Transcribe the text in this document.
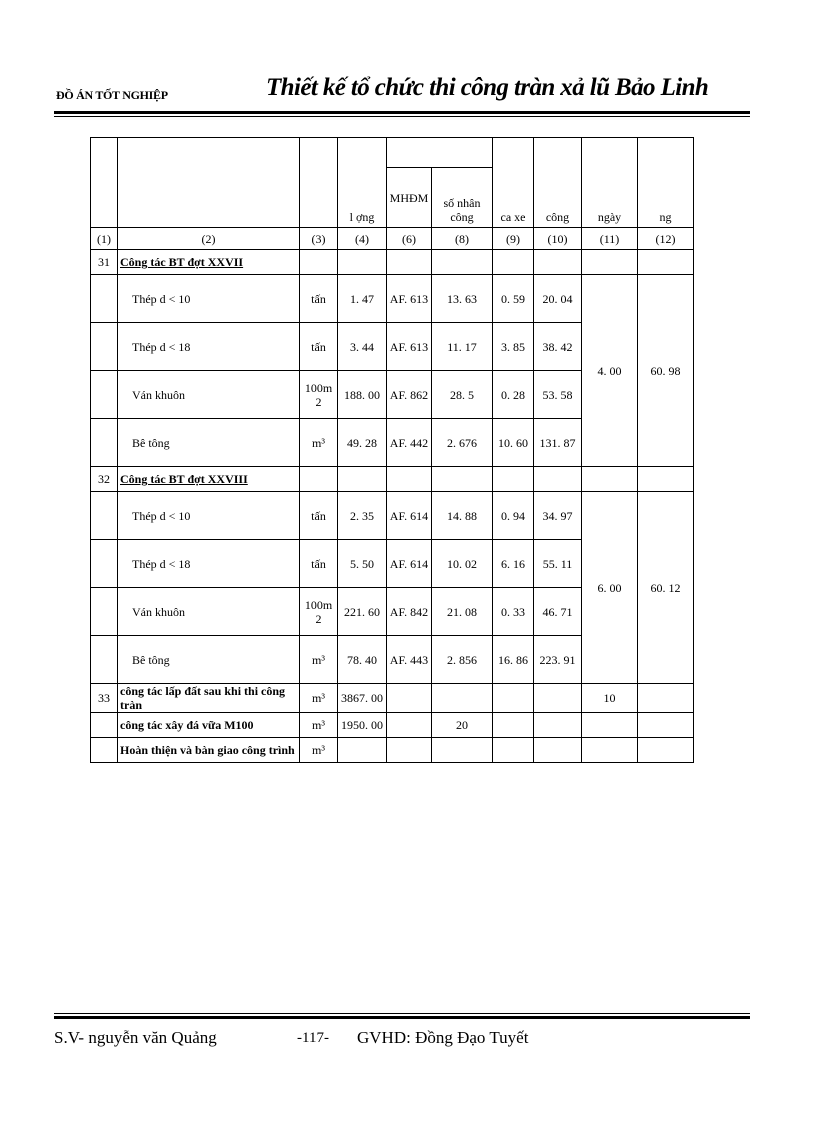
ĐỒ ÁN TỐT NGHIỆP	Thiết kế tổ chức thi công tràn xả lũ Bảo Linh
			l ợng			ca xe	công	ngày	ng
				MHĐM	số nhân công				
(1)	(2)	(3)	(4)	(6)	(8)	(9)	(10)	(11)	(12)
31	Công tác BT đợt XXVII								
	Thép d < 10	tấn	1. 47	AF. 613	13. 63	0. 59	20. 04	4. 00	60. 98
	Thép d < 18	tấn	3. 44	AF. 613	11. 17	3. 85	38. 42		
	Ván khuôn	100m 2	188. 00	AF. 862	28. 5	0. 28	53. 58		
	Bê tông	m³	49. 28	AF. 442	2. 676	10. 60	131. 87		
32	Công tác BT đợt XXVIII								
	Thép d < 10	tấn	2. 35	AF. 614	14. 88	0. 94	34. 97	6. 00	60. 12
	Thép d < 18	tấn	5. 50	AF. 614	10. 02	6. 16	55. 11		
	Ván khuôn	100m 2	221. 60	AF. 842	21. 08	0. 33	46. 71		
	Bê tông	m³	78. 40	AF. 443	2. 856	16. 86	223. 91		
33	công tác lấp đất sau khi thi công tràn	m³	3867. 00					10	
	công tác xây đá vữa M100	m³	1950. 00		20				
	Hoàn thiện và bàn giao công trình	m³							
S.V- nguyễn văn Quảng	-117- GVHD: Đồng Đạo Tuyết
